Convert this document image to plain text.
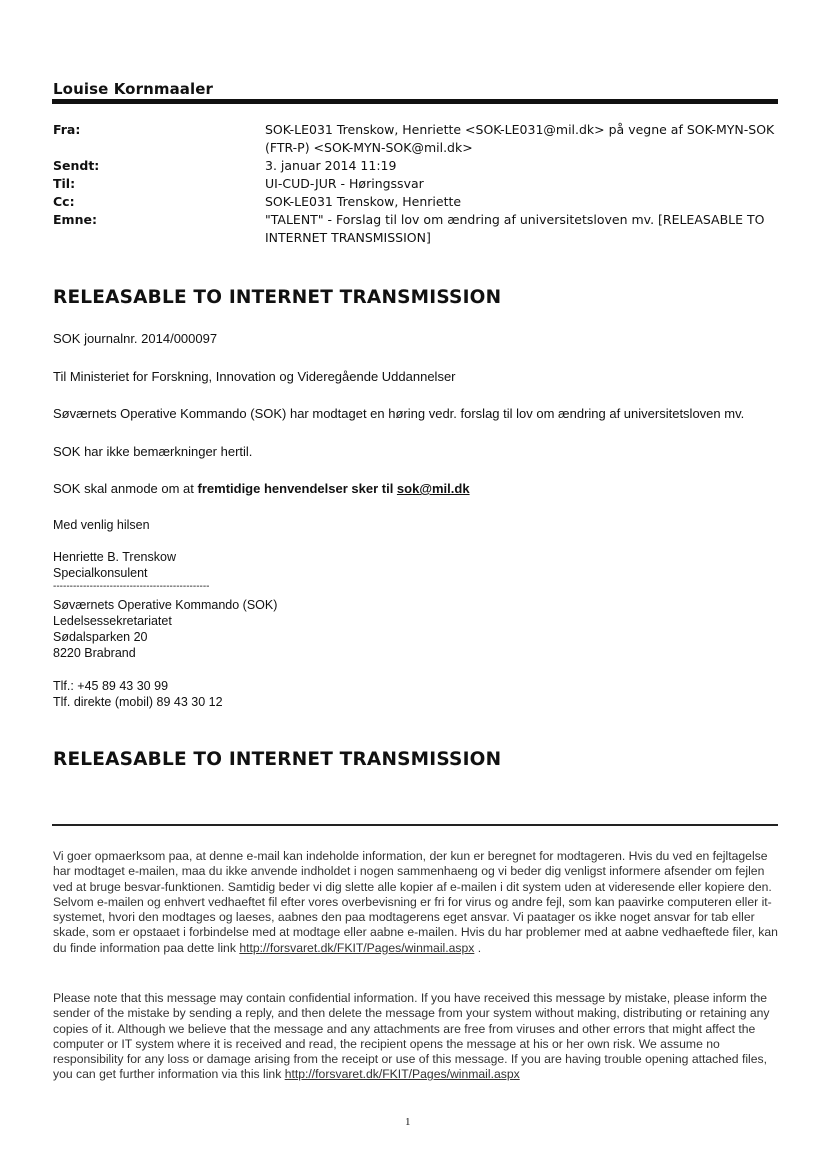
Louise Kornmaaler
Fra:	SOK-LE031 Trenskow, Henriette <SOK-LE031@mil.dk> på vegne af SOK-MYN-SOK (FTR-P) <SOK-MYN-SOK@mil.dk>
Sendt:	3. januar 2014 11:19
Til:	UI-CUD-JUR - Høringssvar
Cc:	SOK-LE031 Trenskow, Henriette
Emne:	"TALENT" - Forslag til lov om ændring af universitetsloven mv. [RELEASABLE TO INTERNET TRANSMISSION]
RELEASABLE TO INTERNET TRANSMISSION
SOK journalnr. 2014/000097
Til Ministeriet for Forskning, Innovation og Videregående Uddannelser
Søværnets Operative Kommando (SOK) har modtaget en høring vedr. forslag til lov om ændring af universitetsloven mv.
SOK har ikke bemærkninger hertil.
SOK skal anmode om at fremtidige henvendelser sker til sok@mil.dk
Med venlig hilsen
Henriette B. Trenskow
Specialkonsulent
-----------------------------------------------
Søværnets Operative Kommando (SOK)
Ledelsessekretariatet
Sødalsparken 20
8220 Brabrand
Tlf.: +45 89 43 30 99
Tlf. direkte (mobil) 89 43 30 12
RELEASABLE TO INTERNET TRANSMISSION
Vi goer opmaerksom paa, at denne e-mail kan indeholde information, der kun er beregnet for modtageren. Hvis du ved en fejltagelse har modtaget e-mailen, maa du ikke anvende indholdet i nogen sammenhaeng og vi beder dig venligst informere afsender om fejlen ved at bruge besvar-funktionen. Samtidig beder vi dig slette alle kopier af e-mailen i dit system uden at videresende eller kopiere den. Selvom e-mailen og enhvert vedhaeftet fil efter vores overbevisning er fri for virus og andre fejl, som kan paavirke computeren eller it-systemet, hvori den modtages og laeses, aabnes den paa modtagerens eget ansvar. Vi paatager os ikke noget ansvar for tab eller skade, som er opstaaet i forbindelse med at modtage eller aabne e-mailen. Hvis du har problemer med at aabne vedhaeftede filer, kan du finde information paa dette link http://forsvaret.dk/FKIT/Pages/winmail.aspx .
Please note that this message may contain confidential information. If you have received this message by mistake, please inform the sender of the mistake by sending a reply, and then delete the message from your system without making, distributing or retaining any copies of it. Although we believe that the message and any attachments are free from viruses and other errors that might affect the computer or IT system where it is received and read, the recipient opens the message at his or her own risk. We assume no responsibility for any loss or damage arising from the receipt or use of this message. If you are having trouble opening attached files, you can get further information via this link http://forsvaret.dk/FKIT/Pages/winmail.aspx
1
